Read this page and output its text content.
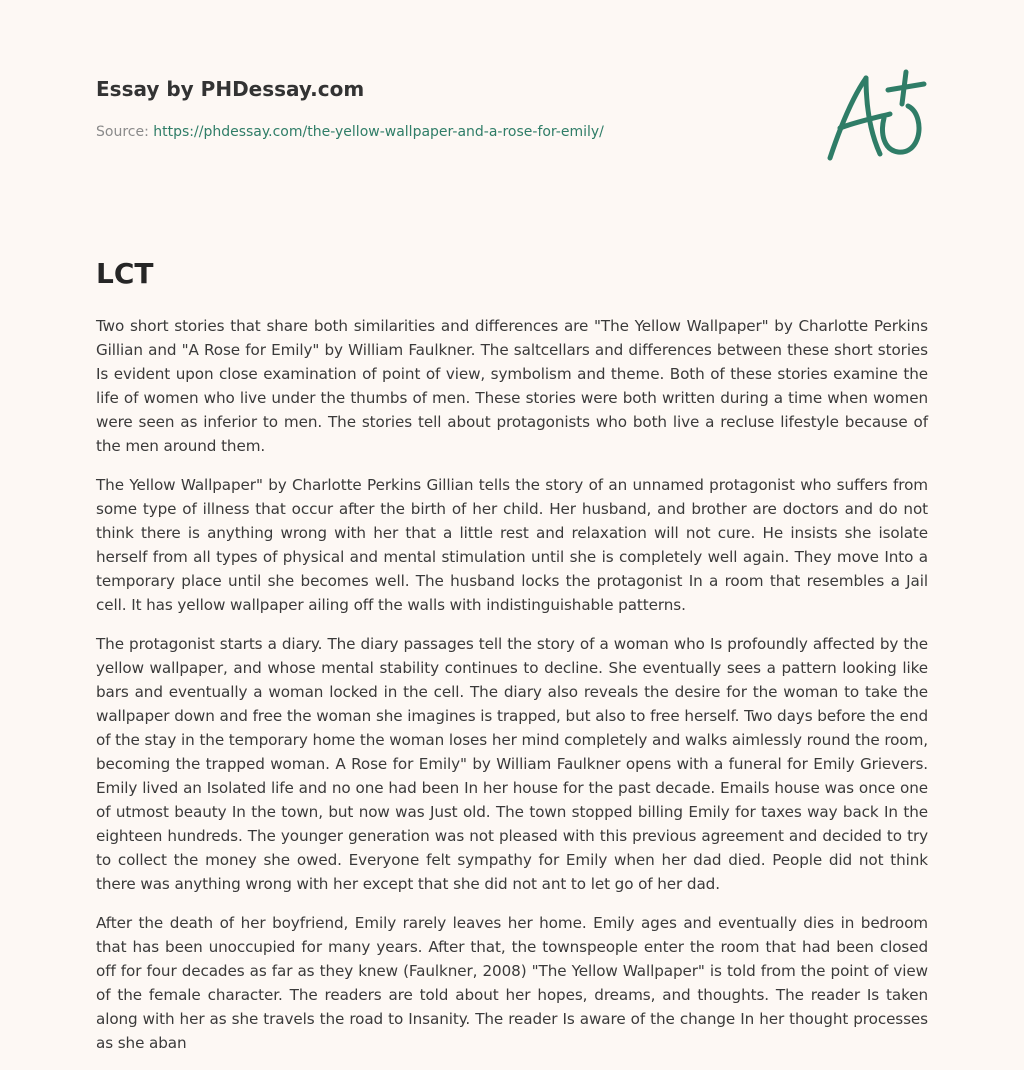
Essay by PHDessay.com
Source: https://phdessay.com/the-yellow-wallpaper-and-a-rose-for-emily/
LCT

Two short stories that share both similarities and differences are "The Yellow Wallpaper" by Charlotte Perkins Gillian and "A Rose for Emily" by William Faulkner. The saltcellars and differences between these short stories Is evident upon close examination of point of view, symbolism and theme. Both of these stories examine the life of women who live under the thumbs of men. These stories were both written during a time when women were seen as inferior to men. The stories tell about protagonists who both live a recluse lifestyle because of the men around them.

The Yellow Wallpaper" by Charlotte Perkins Gillian tells the story of an unnamed protagonist who suffers from some type of illness that occur after the birth of her child. Her husband, and brother are doctors and do not think there is anything wrong with her that a little rest and relaxation will not cure. He insists she isolate herself from all types of physical and mental stimulation until she is completely well again. They move Into a temporary place until she becomes well. The husband locks the protagonist In a room that resembles a Jail cell. It has yellow wallpaper ailing off the walls with indistinguishable patterns.

The protagonist starts a diary. The diary passages tell the story of a woman who Is profoundly affected by the yellow wallpaper, and whose mental stability continues to decline. She eventually sees a pattern looking like bars and eventually a woman locked in the cell. The diary also reveals the desire for the woman to take the wallpaper down and free the woman she imagines is trapped, but also to free herself. Two days before the end of the stay in the temporary home the woman loses her mind completely and walks aimlessly round the room, becoming the trapped woman. A Rose for Emily" by William Faulkner opens with a funeral for Emily Grievers. Emily lived an Isolated life and no one had been In her house for the past decade. Emails house was once one of utmost beauty In the town, but now was Just old. The town stopped billing Emily for taxes way back In the eighteen hundreds. The younger generation was not pleased with this previous agreement and decided to try to collect the money she owed. Everyone felt sympathy for Emily when her dad died. People did not think there was anything wrong with her except that she did not ant to let go of her dad.

After the death of her boyfriend, Emily rarely leaves her home. Emily ages and eventually dies in bedroom that has been unoccupied for many years. After that, the townspeople enter the room that had been closed off for four decades as far as they knew (Faulkner, 2008) "The Yellow Wallpaper" is told from the point of view of the female character. The readers are told about her hopes, dreams, and thoughts. The reader Is taken along with her as she travels the road to Insanity. The reader Is aware of the change In her thought processes as she aban
